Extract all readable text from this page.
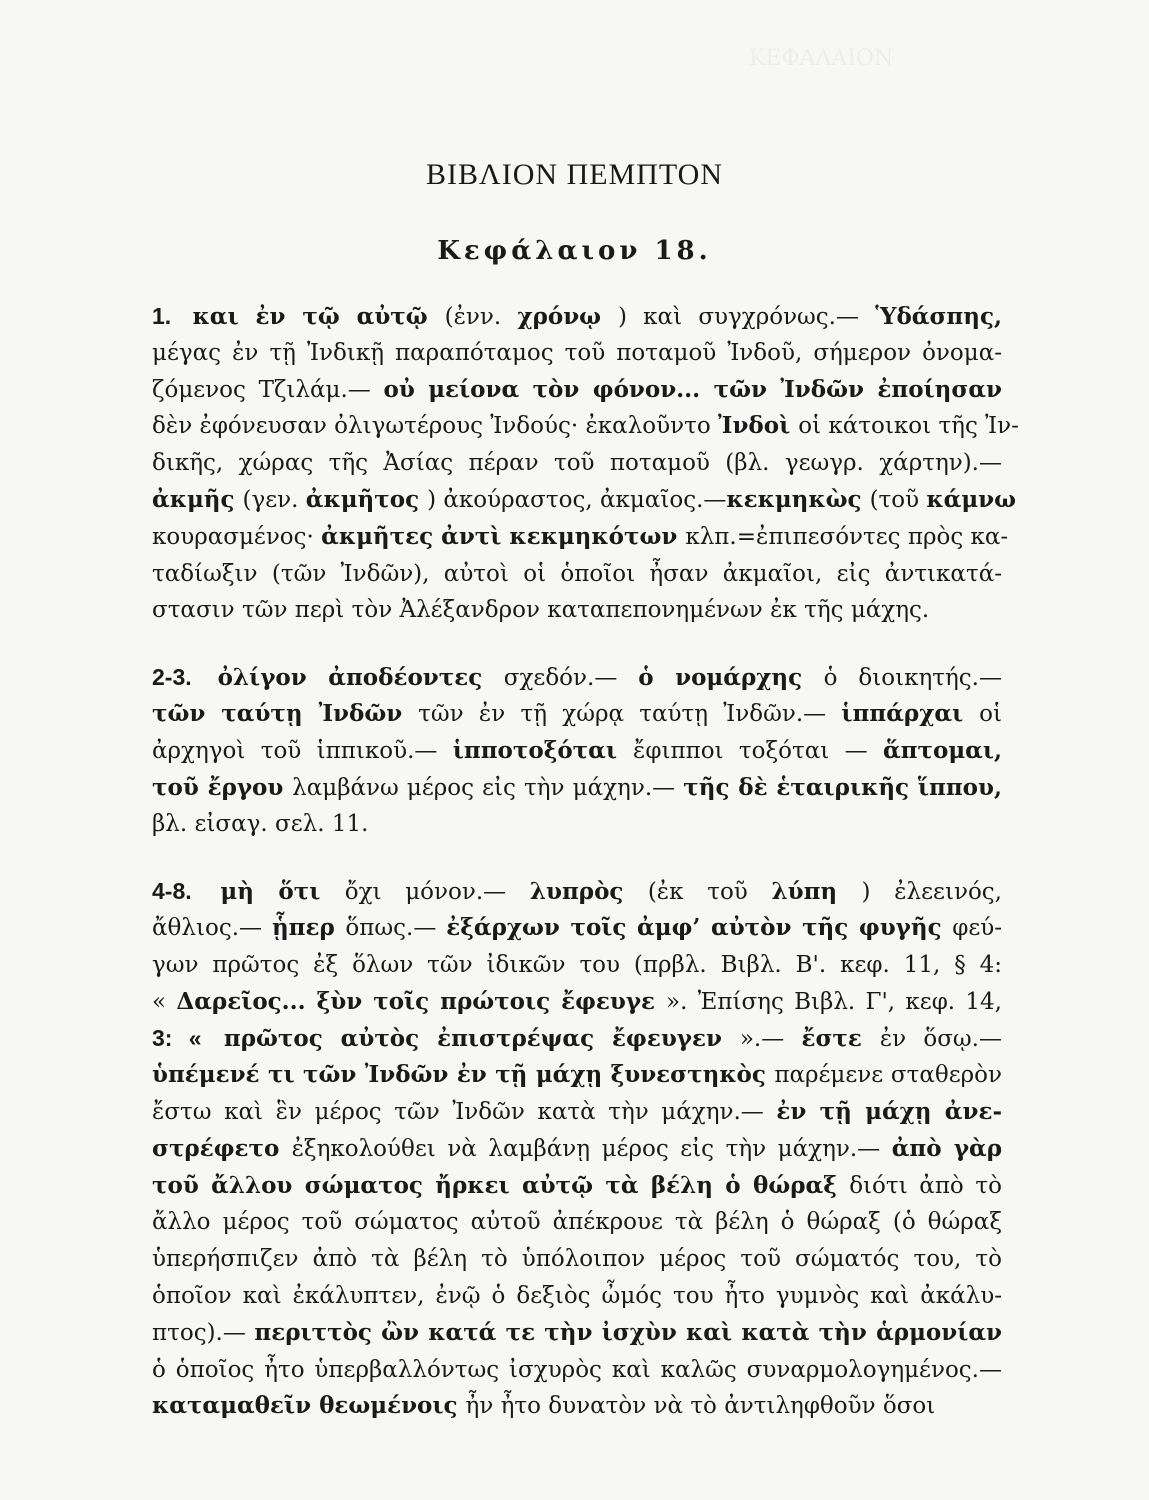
ΒΙΒΛΙΟΝ ΠΕΜΠΤΟΝ
Κεφάλαιον 18.
1. και ἐν τῷ αὐτῷ (ἐνν. χρόνῳ ) καὶ συγχρόνως.— Ὑδάσπης,
μέγας ἐν τῇ Ἰνδικῇ παραπόταμος τοῦ ποταμοῦ Ἰνδοῦ, σήμερον ὀνομα-
ζόμενος Τζιλάμ.— οὐ μείονα τὸν φόνον... τῶν Ἰνδῶν ἐποίησαν
δὲν ἐφόνευσαν ὀλιγωτέρους Ἰνδούς· ἐκαλοῦντο Ἰνδοὶ οἱ κάτοικοι τῆς Ἰν-
δικῆς, χώρας τῆς Ἀσίας πέραν τοῦ ποταμοῦ (βλ. γεωγρ. χάρτην).—
ἀκμῆς (γεν. ἀκμῆτος ) ἀκούραστος, ἀκμαῖος.—κεκμηκὼς (τοῦ κάμνω
κουρασμένος· ἀκμῆτες ἀντὶ κεκμηκότων κλπ.=ἐπιπεσόντες πρὸς κα-
ταδίωξιν (τῶν Ἰνδῶν), αὐτοὶ οἱ ὁποῖοι ἦσαν ἀκμαῖοι, εἰς ἀντικατά-
στασιν τῶν περὶ τὸν Ἀλέξανδρον καταπεπονημένων ἐκ τῆς μάχης.
2-3. ὀλίγον ἀποδέοντες σχεδόν.— ὁ νομάρχης ὁ διοικητής.—
τῶν ταύτῃ Ἰνδῶν τῶν ἐν τῇ χώρᾳ ταύτῃ Ἰνδῶν.— ἱππάρχαι οἱ
ἀρχηγοὶ τοῦ ἱππικοῦ.— ἱπποτοξόται ἔφιπποι τοξόται — ἅπτομαι,
τοῦ ἔργου λαμβάνω μέρος εἰς τὴν μάχην.— τῆς δὲ ἑταιρικῆς ἵππου,
βλ. εἰσαγ. σελ. 11.
4-8. μὴ ὅτι ὄχι μόνον.— λυπρὸς (ἐκ τοῦ λύπη ) ἐλεεινός,
ἄθλιος.— ᾗπερ ὅπως.— ἐξάρχων τοῖς ἀμφ’ αὐτὸν τῆς φυγῆς φεύ-
γων πρῶτος ἐξ ὅλων τῶν ἰδικῶν του (πρβλ. Βιβλ. Β'. κεφ. 11, § 4:
« Δαρεῖος... ξὺν τοῖς πρώτοις ἔφευγε ». Ἐπίσης Βιβλ. Γ', κεφ. 14,
3: « πρῶτος αὐτὸς ἐπιστρέψας ἔφευγεν ».— ἔστε ἐν ὅσῳ.—
ὑπέμενέ τι τῶν Ἰνδῶν ἐν τῇ μάχῃ ξυνεστηκὸς παρέμενε σταθερὸν
ἔστω καὶ ἓν μέρος τῶν Ἰνδῶν κατὰ τὴν μάχην.— ἐν τῇ μάχῃ ἀνε-
στρέφετο ἐξηκολούθει νὰ λαμβάνῃ μέρος εἰς τὴν μάχην.— ἀπὸ γὰρ
τοῦ ἄλλου σώματος ἤρκει αὐτῷ τὰ βέλη ὁ θώραξ διότι ἀπὸ τὸ
ἄλλο μέρος τοῦ σώματος αὐτοῦ ἀπέκρουε τὰ βέλη ὁ θώραξ (ὁ θώραξ
ὑπερήσπιζεν ἀπὸ τὰ βέλη τὸ ὑπόλοιπον μέρος τοῦ σώματός του, τὸ
ὁποῖον καὶ ἐκάλυπτεν, ἐνῷ ὁ δεξιὸς ὦμός του ἦτο γυμνὸς καὶ ἀκάλυ-
πτος).— περιττὸς ὢν κατά τε τὴν ἰσχὺν καὶ κατὰ τὴν ἁρμονίαν
ὁ ὁποῖος ἦτο ὑπερβαλλόντως ἰσχυρὸς καὶ καλῶς συναρμολογημένος.—
καταμαθεῖν θεωμένοις ἦν ἦτο δυνατὸν νὰ τὸ ἀντιληφθοῦν ὅσοι
